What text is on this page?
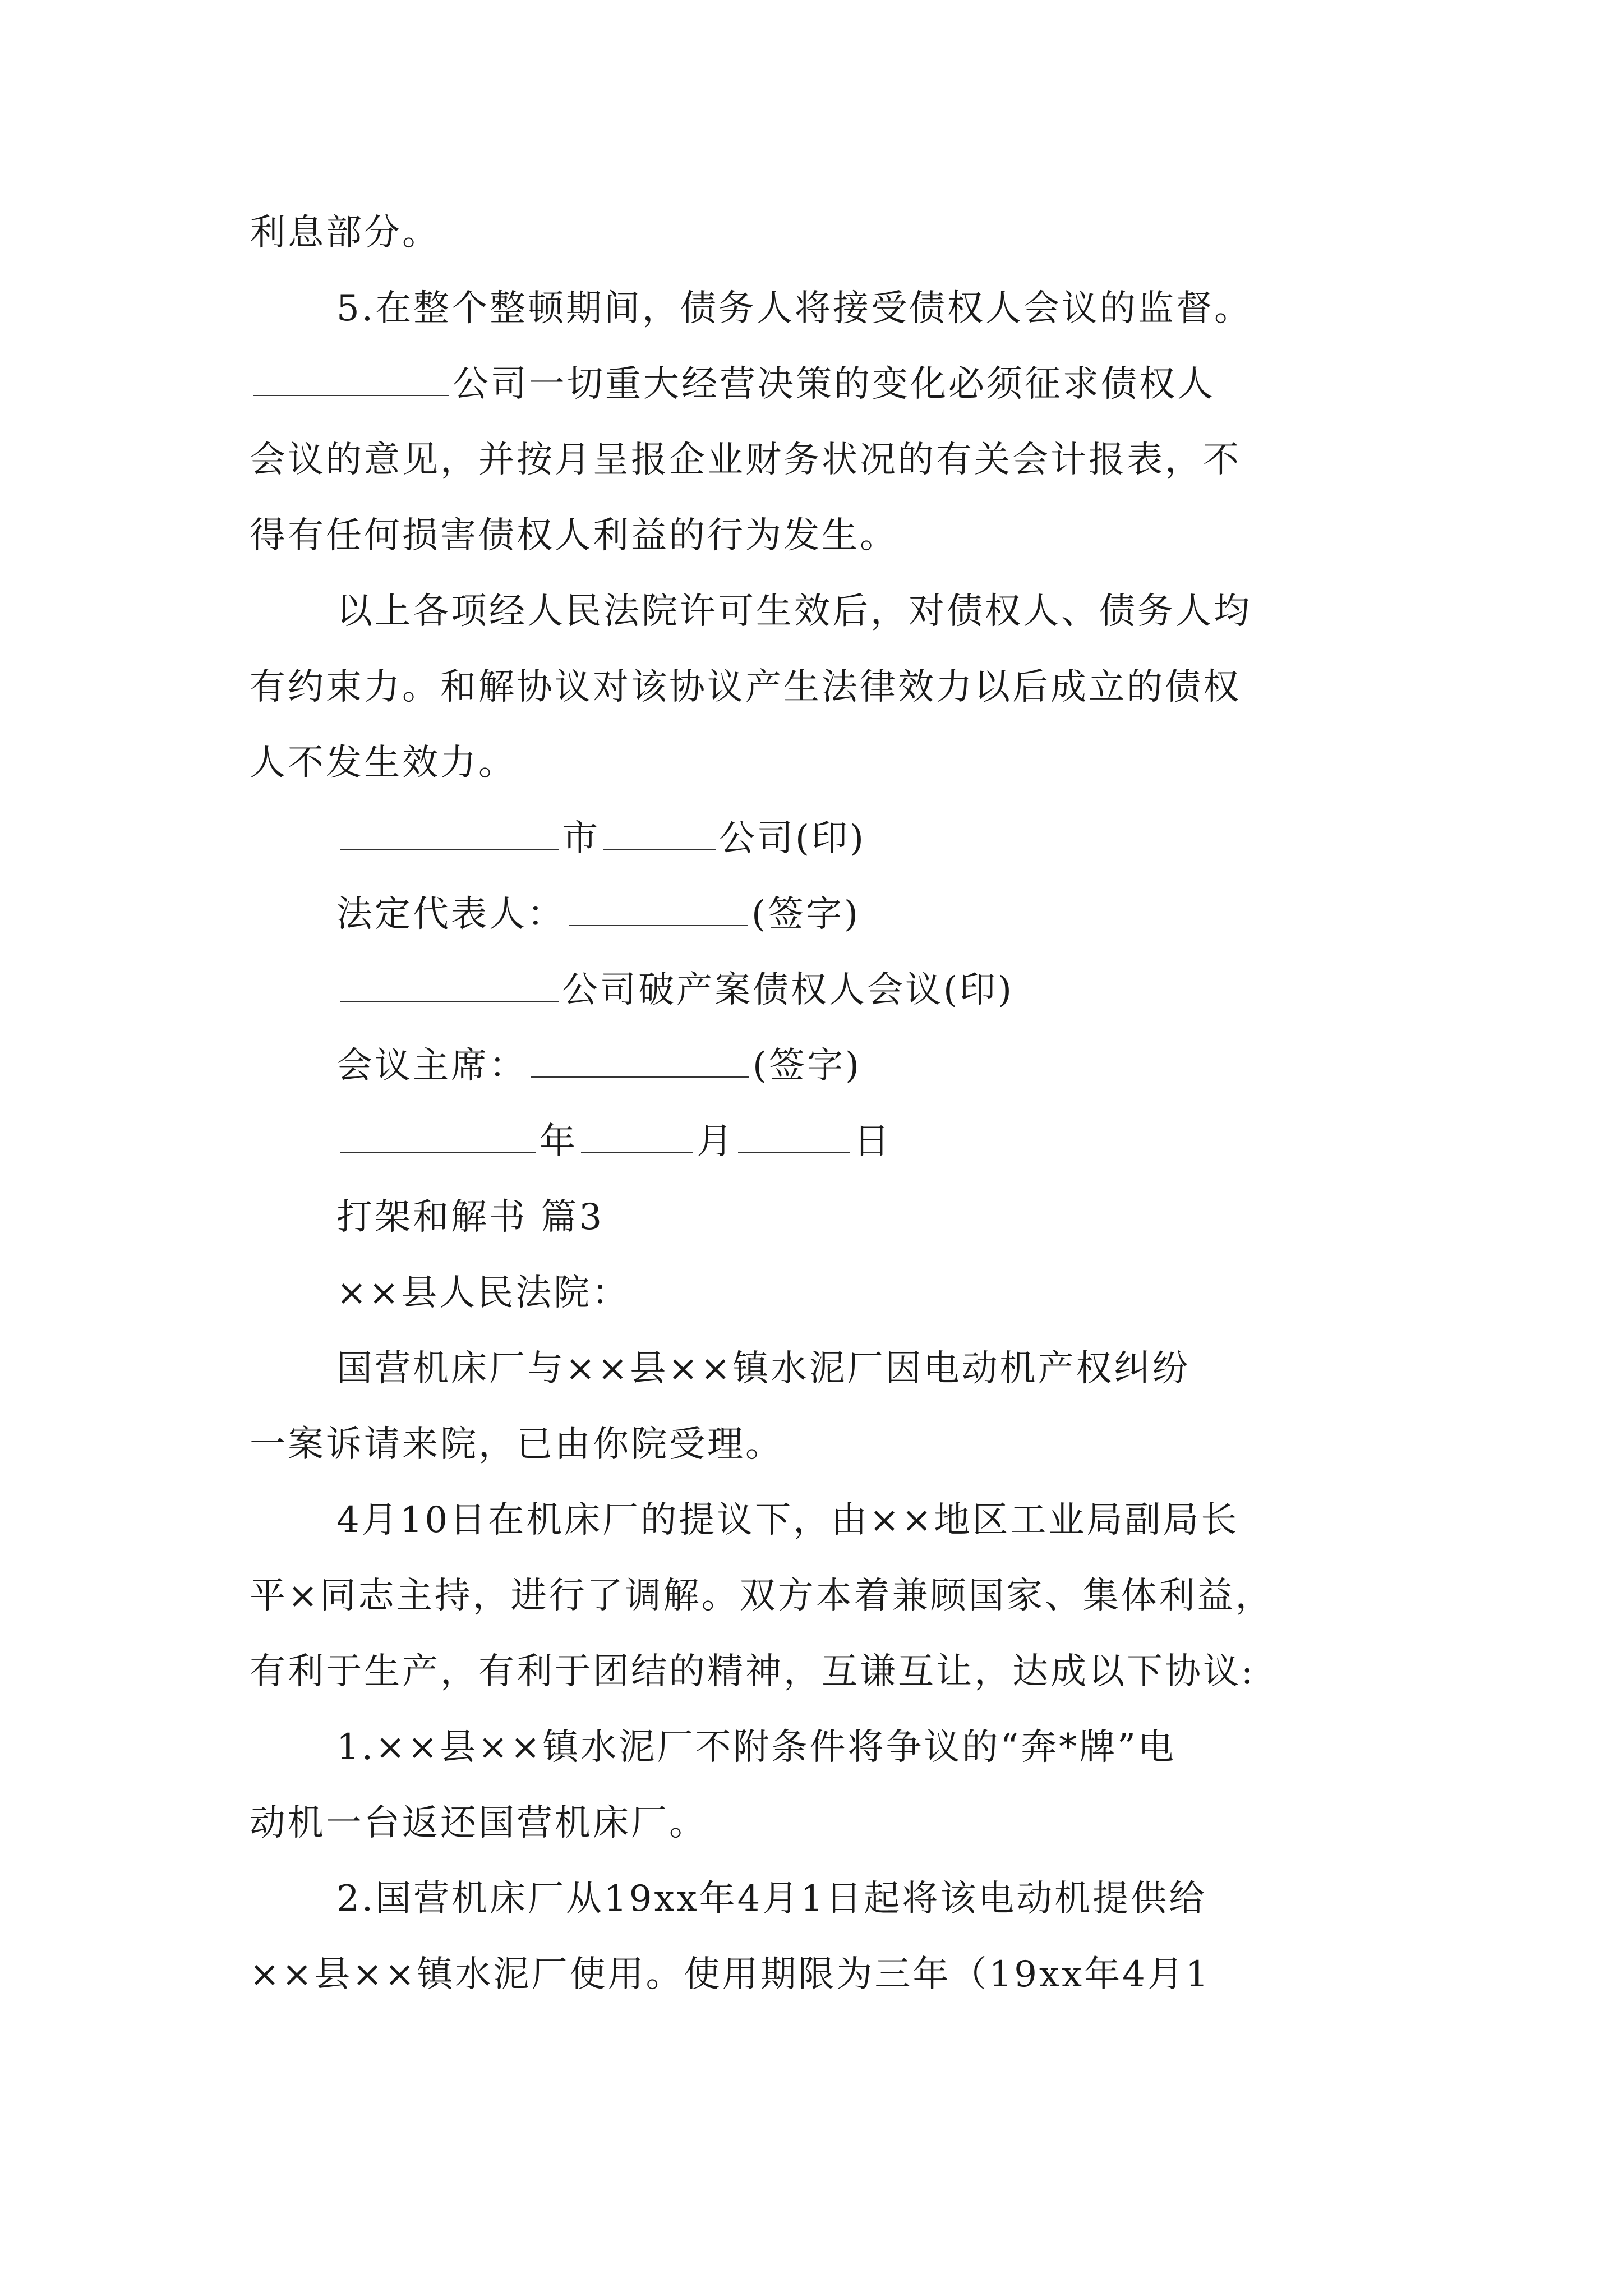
利息部分。
5.在整个整顿期间，债务人将接受债权人会议的监督。
公司一切重大经营决策的变化必须征求债权人
会议的意见，并按月呈报企业财务状况的有关会计报表，不
得有任何损害债权人利益的行为发生。
以上各项经人民法院许可生效后，对债权人、债务人均
有约束力。和解协议对该协议产生法律效力以后成立的债权
人不发生效力。
市	公司(印)
法定代表人：	(签字)
公司破产案债权人会议(印)
会议主席：	(签字)
年	月	日
打架和解书 篇3
××县人民法院：
国营机床厂与××县××镇水泥厂因电动机产权纠纷
一案诉请来院，已由你院受理。
4月10日在机床厂的提议下，由××地区工业局副局长
平×同志主持，进行了调解。双方本着兼顾国家、集体利益，
有利于生产，有利于团结的精神，互谦互让，达成以下协议:
1.××县××镇水泥厂不附条件将争议的“奔*牌”电
动机一台返还国营机床厂。
2.国营机床厂从19xx年4月1日起将该电动机提供给
××县××镇水泥厂使用。使用期限为三年（19xx年4月1
